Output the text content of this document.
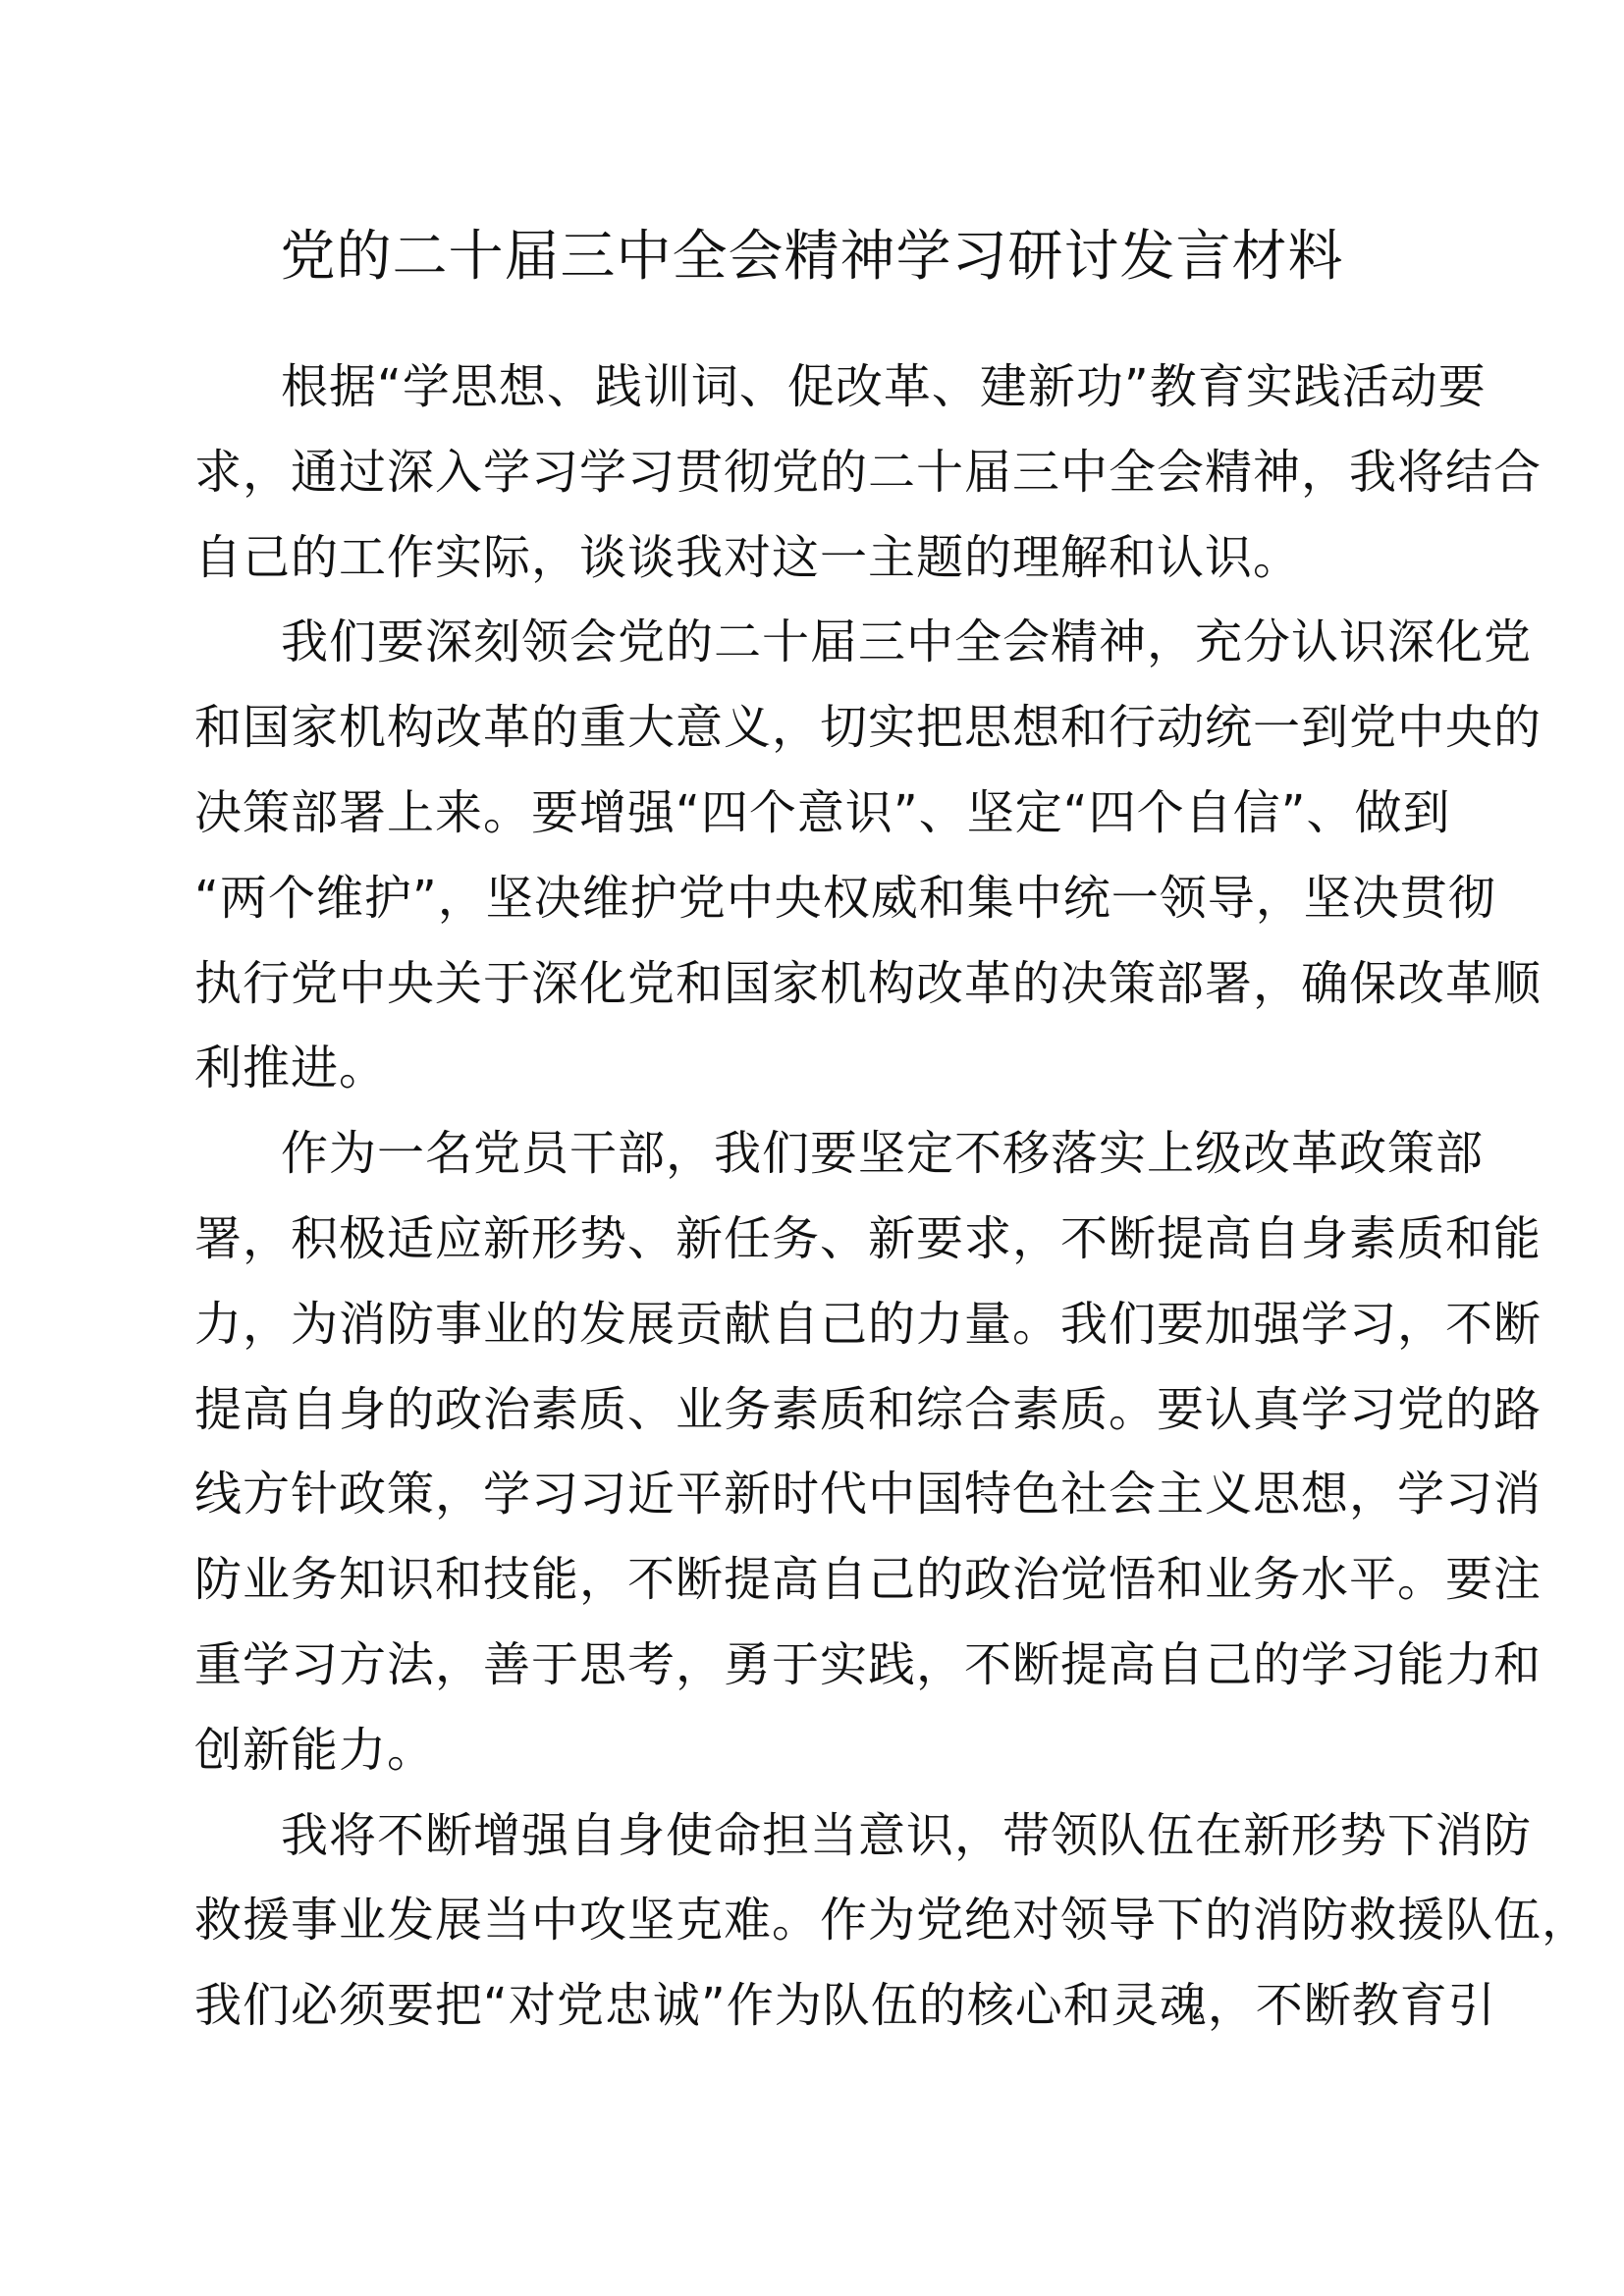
党的二十届三中全会精神学习研讨发言材料

根据“学思想、践训词、促改革、建新功”教育实践活动要
求，通过深入学习学习贯彻党的二十届三中全会精神，我将结合
自己的工作实际，谈谈我对这一主题的理解和认识。

我们要深刻领会党的二十届三中全会精神，充分认识深化党
和国家机构改革的重大意义，切实把思想和行动统一到党中央的
决策部署上来。要增强“四个意识”、坚定“四个自信”、做到
“两个维护”，坚决维护党中央权威和集中统一领导，坚决贯彻
执行党中央关于深化党和国家机构改革的决策部署，确保改革顺
利推进。

作为一名党员干部，我们要坚定不移落实上级改革政策部
署，积极适应新形势、新任务、新要求，不断提高自身素质和能
力，为消防事业的发展贡献自己的力量。我们要加强学习，不断
提高自身的政治素质、业务素质和综合素质。要认真学习党的路
线方针政策，学习习近平新时代中国特色社会主义思想，学习消
防业务知识和技能，不断提高自己的政治觉悟和业务水平。要注
重学习方法，善于思考，勇于实践，不断提高自己的学习能力和
创新能力。

我将不断增强自身使命担当意识，带领队伍在新形势下消防
救援事业发展当中攻坚克难。作为党绝对领导下的消防救援队伍，
我们必须要把“对党忠诚”作为队伍的核心和灵魂，不断教育引
